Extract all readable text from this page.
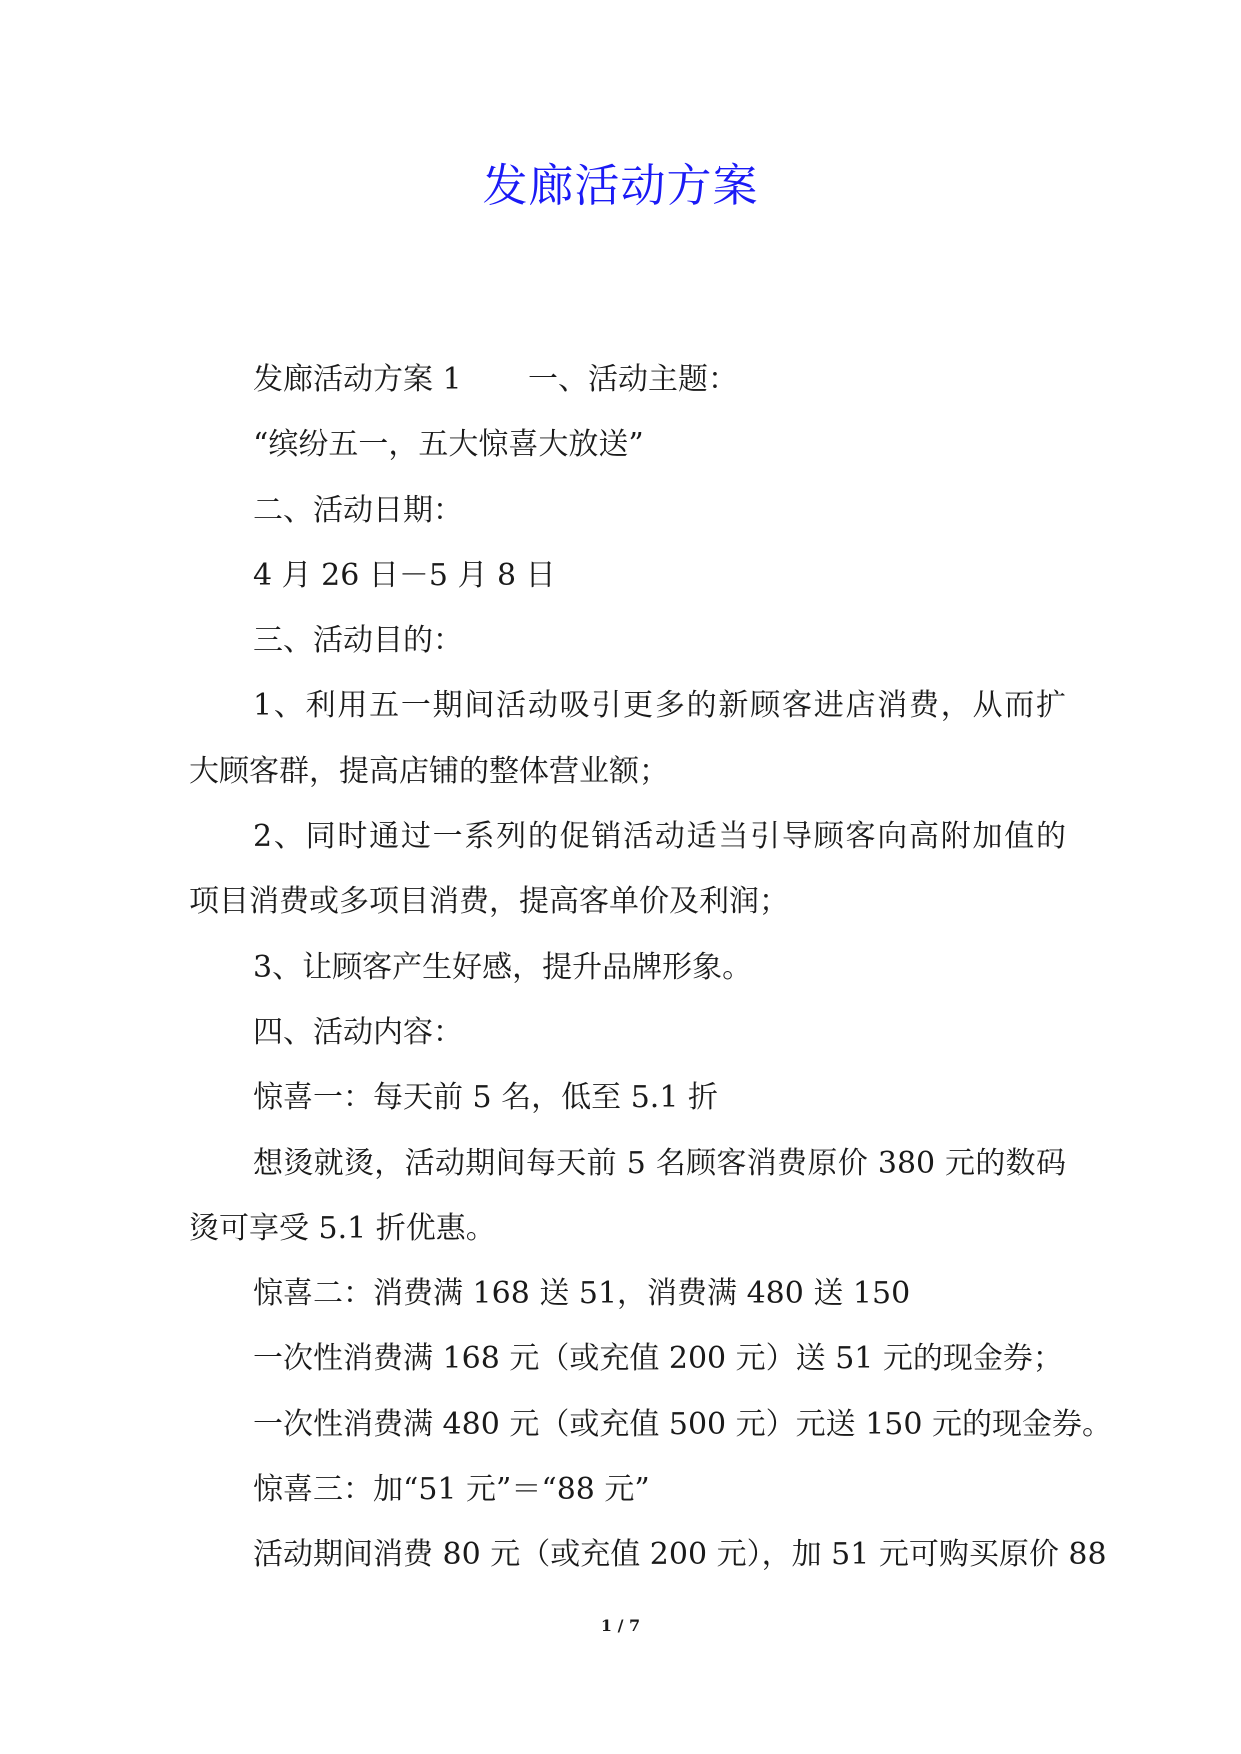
发廊活动方案
发廊活动方案 1 一、活动主题：
“缤纷五一，五大惊喜大放送”
二、活动日期：
4 月 26 日－5 月 8 日
三、活动目的：
1、利用五一期间活动吸引更多的新顾客进店消费，从而扩
大顾客群，提高店铺的整体营业额；
2、同时通过一系列的促销活动适当引导顾客向高附加值的
项目消费或多项目消费，提高客单价及利润；
3、让顾客产生好感，提升品牌形象。
四、活动内容：
惊喜一：每天前 5 名，低至 5.1 折
想烫就烫，活动期间每天前 5 名顾客消费原价 380 元的数码
烫可享受 5.1 折优惠。
惊喜二：消费满 168 送 51，消费满 480 送 150
一次性消费满 168 元（或充值 200 元）送 51 元的现金券；
一次性消费满 480 元（或充值 500 元）元送 150 元的现金券。
惊喜三：加“51 元”＝“88 元”
活动期间消费 80 元（或充值 200 元），加 51 元可购买原价 88
1 / 7
